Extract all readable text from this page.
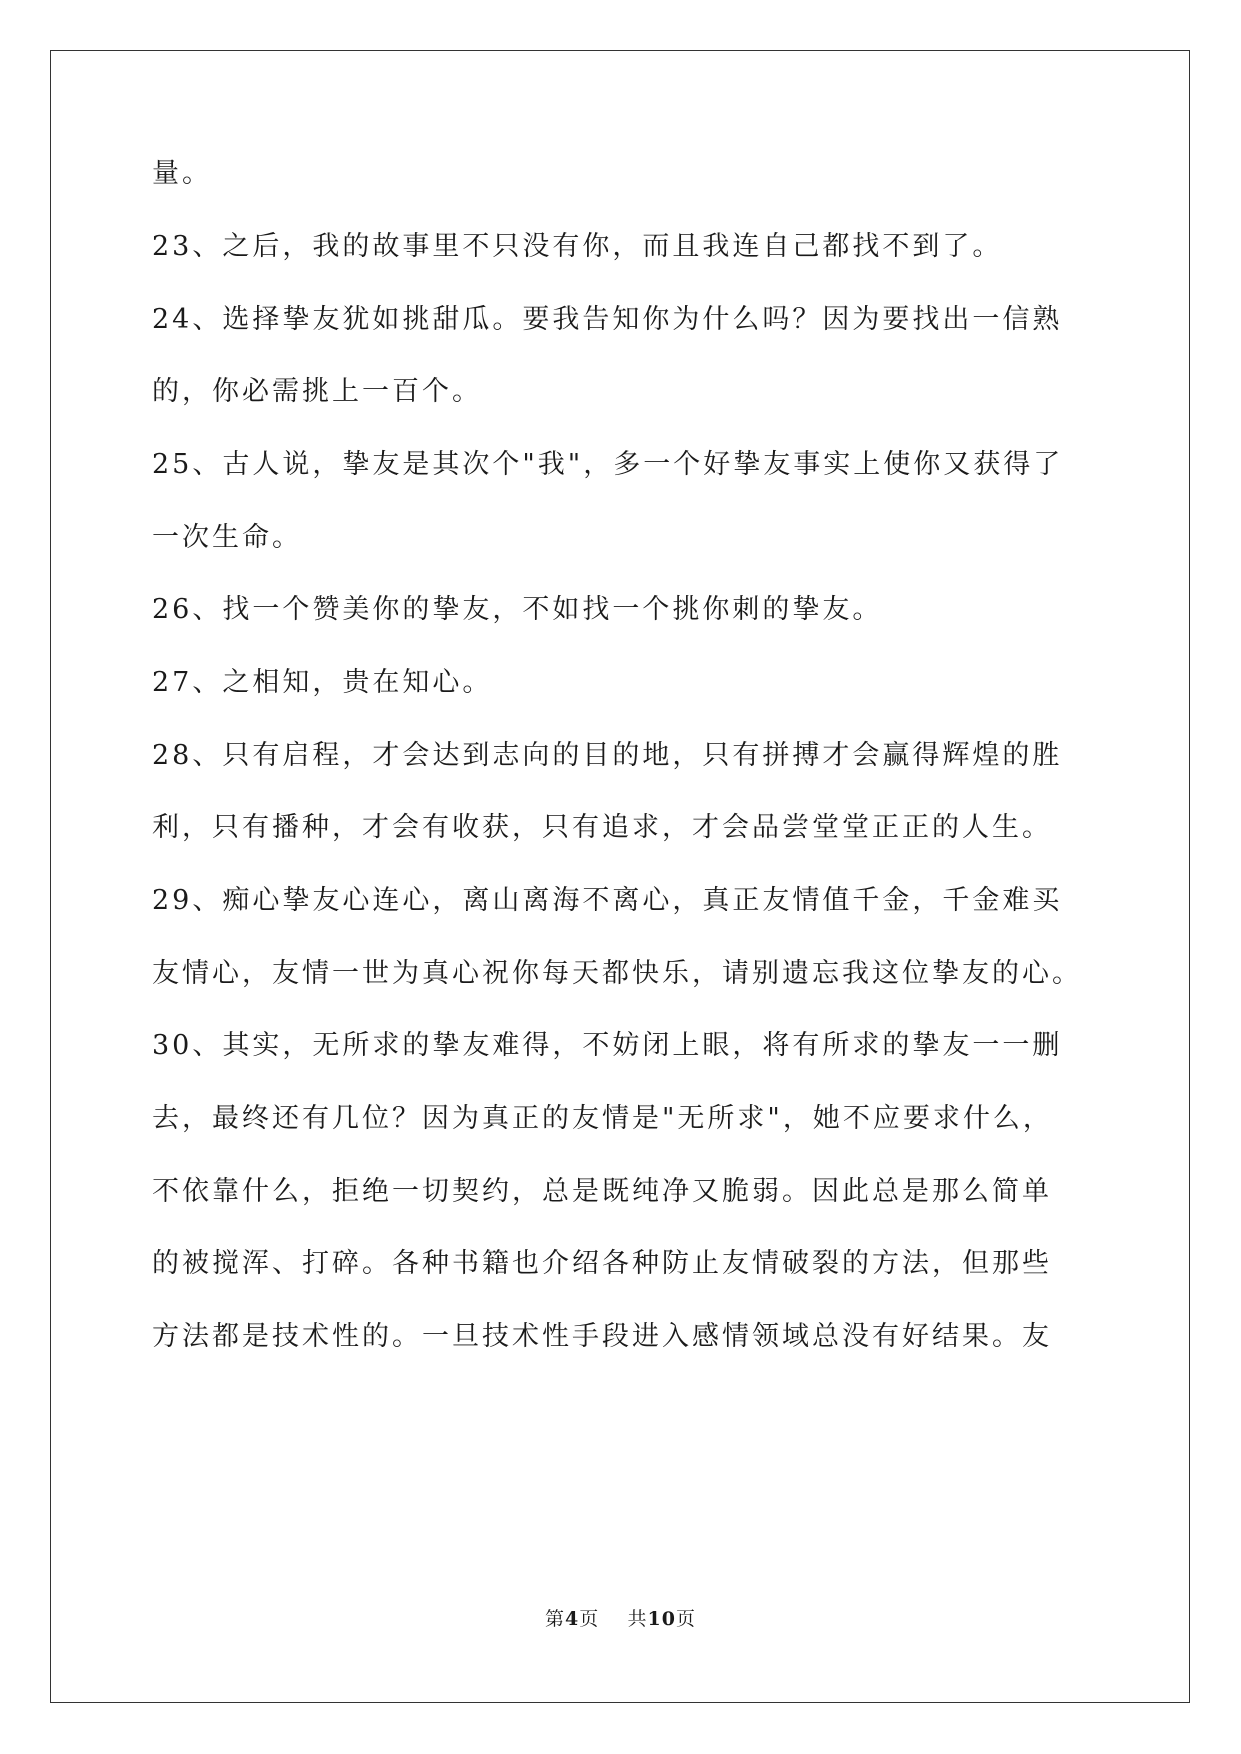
量。
23、之后，我的故事里不只没有你，而且我连自己都找不到了。
24、选择挚友犹如挑甜瓜。要我告知你为什么吗？因为要找出一信熟
的，你必需挑上一百个。
25、古人说，挚友是其次个"我"，多一个好挚友事实上使你又获得了
一次生命。
26、找一个赞美你的挚友，不如找一个挑你刺的挚友。
27、之相知，贵在知心。
28、只有启程，才会达到志向的目的地，只有拼搏才会赢得辉煌的胜
利，只有播种，才会有收获，只有追求，才会品尝堂堂正正的人生。
29、痴心挚友心连心，离山离海不离心，真正友情值千金，千金难买
友情心，友情一世为真心祝你每天都快乐，请别遗忘我这位挚友的心。
30、其实，无所求的挚友难得，不妨闭上眼，将有所求的挚友一一删
去，最终还有几位？因为真正的友情是"无所求"，她不应要求什么，
不依靠什么，拒绝一切契约，总是既纯净又脆弱。因此总是那么简单
的被搅浑、打碎。各种书籍也介绍各种防止友情破裂的方法，但那些
方法都是技术性的。一旦技术性手段进入感情领域总没有好结果。友
第4页 共10页
